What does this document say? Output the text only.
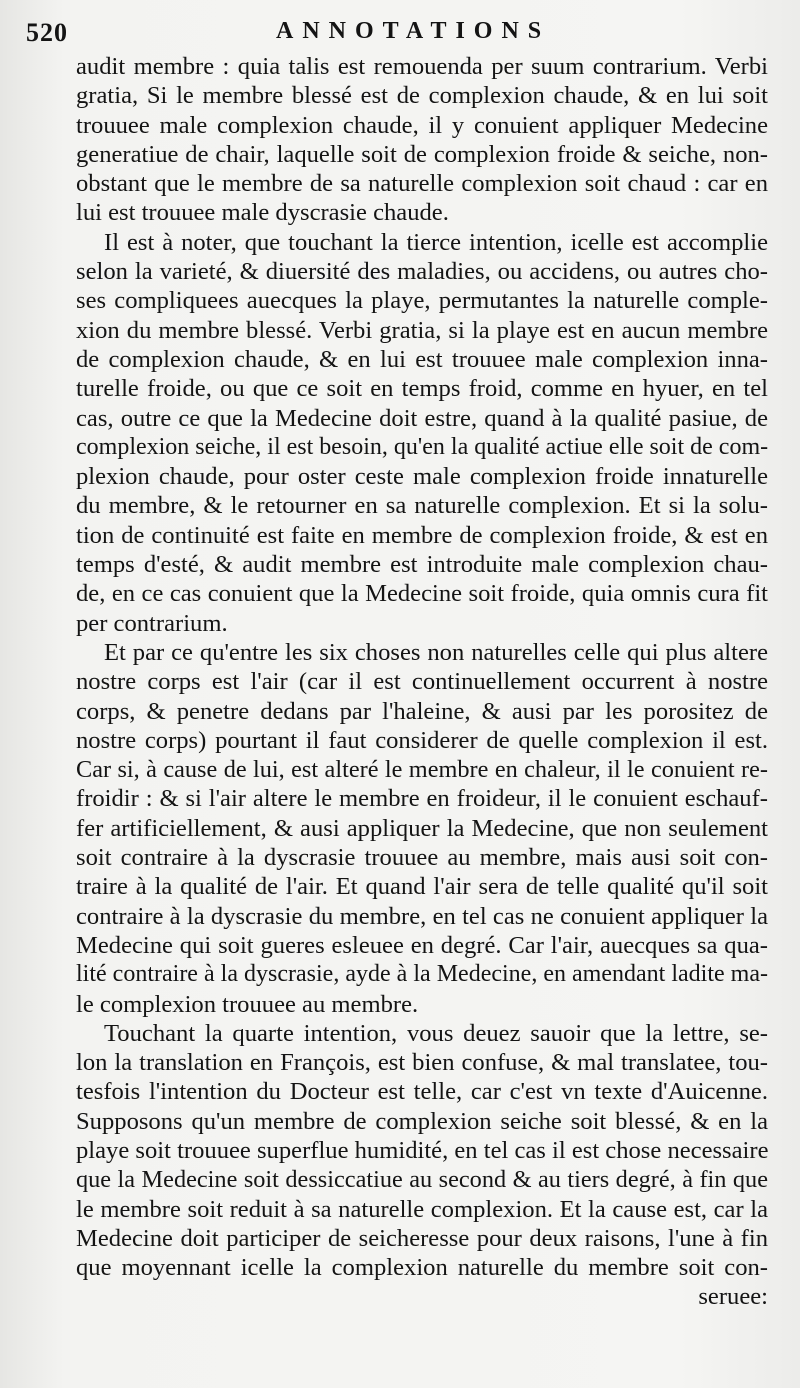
520	ANNOTATIONS
audit membre : quia talis est remouenda per suum contrarium. Verbi
gratia, Si le membre blessé est de complexion chaude, & en lui soit
trouuee male complexion chaude, il y conuient appliquer Medecine
generatiue de chair, laquelle soit de complexion froide & seiche, non-
obstant que le membre de sa naturelle complexion soit chaud : car en
lui est trouuee male dyscrasie chaude.
Il est à noter, que touchant la tierce intention, icelle est accomplie
selon la varieté, & diuersité des maladies, ou accidens, ou autres cho-
ses compliquees auecques la playe, permutantes la naturelle comple-
xion du membre blessé. Verbi gratia, si la playe est en aucun membre
de complexion chaude, & en lui est trouuee male complexion inna-
turelle froide, ou que ce soit en temps froid, comme en hyuer, en tel
cas, outre ce que la Medecine doit estre, quand à la qualité pasiue, de
complexion seiche, il est besoin, qu'en la qualité actiue elle soit de com-
plexion chaude, pour oster ceste male complexion froide innaturelle
du membre, & le retourner en sa naturelle complexion. Et si la solu-
tion de continuité est faite en membre de complexion froide, & est en
temps d'esté, & audit membre est introduite male complexion chau-
de, en ce cas conuient que la Medecine soit froide, quia omnis cura fit
per contrarium.
Et par ce qu'entre les six choses non naturelles celle qui plus altere
nostre corps est l'air (car il est continuellement occurrent à nostre
corps, & penetre dedans par l'haleine, & ausi par les porositez de
nostre corps) pourtant il faut considerer de quelle complexion il est.
Car si, à cause de lui, est alteré le membre en chaleur, il le conuient re-
froidir : & si l'air altere le membre en froideur, il le conuient eschauf-
fer artificiellement, & ausi appliquer la Medecine, que non seulement
soit contraire à la dyscrasie trouuee au membre, mais ausi soit con-
traire à la qualité de l'air. Et quand l'air sera de telle qualité qu'il soit
contraire à la dyscrasie du membre, en tel cas ne conuient appliquer la
Medecine qui soit gueres esleuee en degré. Car l'air, auecques sa qua-
lité contraire à la dyscrasie, ayde à la Medecine, en amendant ladite ma-
le complexion trouuee au membre.
Touchant la quarte intention, vous deuez sauoir que la lettre, se-
lon la translation en François, est bien confuse, & mal translatee, tou-
tesfois l'intention du Docteur est telle, car c'est vn texte d'Auicenne.
Supposons qu'un membre de complexion seiche soit blessé, & en la
playe soit trouuee superflue humidité, en tel cas il est chose necessaire
que la Medecine soit dessiccatiue au second & au tiers degré, à fin que
le membre soit reduit à sa naturelle complexion. Et la cause est, car la
Medecine doit participer de seicheresse pour deux raisons, l'une à fin
que moyennant icelle la complexion naturelle du membre soit con-
seruee:
